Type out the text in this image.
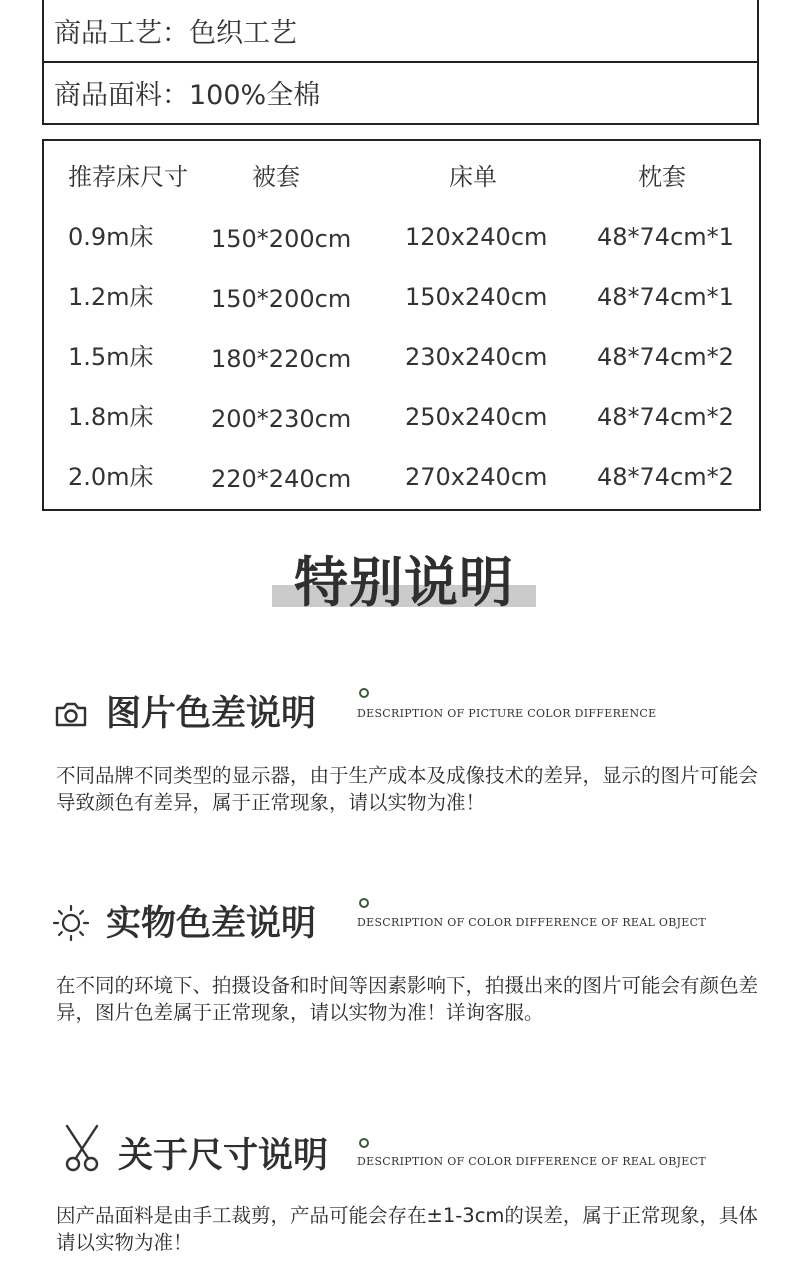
商品工艺：色织工艺
商品面料：100%全棉
推荐床尺寸	被套	床单	枕套
0.9m床 150*200cm 120x240cm 48*74cm*1
1.2m床 150*200cm 150x240cm 48*74cm*1
1.5m床 180*220cm 230x240cm 48*74cm*2
1.8m床 200*230cm 250x240cm 48*74cm*2
2.0m床 220*240cm 270x240cm 48*74cm*2
特别说明
图片色差说明	DESCRIPTION OF PICTURE COLOR DIFFERENCE
不同品牌不同类型的显示器，由于生产成本及成像技术的差异，显示的图片可能会导致颜色有差异，属于正常现象，请以实物为准！
实物色差说明	DESCRIPTION OF COLOR DIFFERENCE OF REAL OBJECT
在不同的环境下、拍摄设备和时间等因素影响下，拍摄出来的图片可能会有颜色差异，图片色差属于正常现象，请以实物为准！详询客服。
关于尺寸说明	DESCRIPTION OF COLOR DIFFERENCE OF REAL OBJECT
因产品面料是由手工裁剪，产品可能会存在±1-3cm的误差，属于正常现象，具体请以实物为准！
